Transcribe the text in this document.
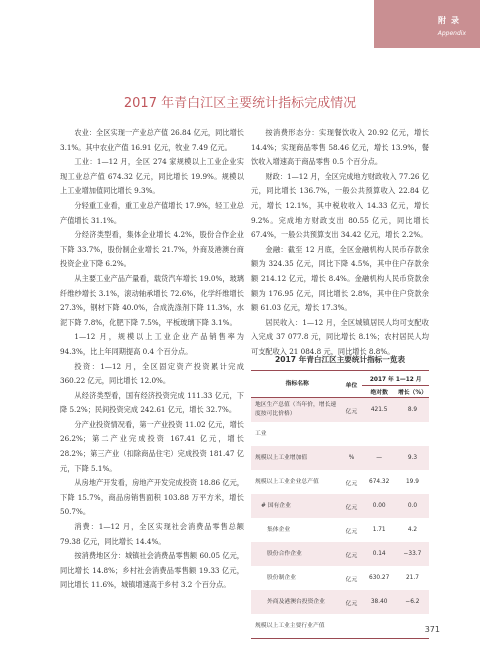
附录
Appendix
2017 年青白江区主要统计指标完成情况

农业：全区实现一产业总产值 26.84 亿元，同比增长 3.1%。其中农业产值 16.91 亿元，牧业 7.49 亿元。

工业：1—12 月，全区 274 家规模以上工业企业实现工业总产值 674.32 亿元，同比增长 19.9%。规模以上工业增加值同比增长 9.3%。

分轻重工业看，重工业总产值增长 17.9%，轻工业总产值增长 31.1%。

分经济类型看，集体企业增长 4.2%，股份合作企业下降 33.7%，股份制企业增长 21.7%，外商及港澳台商投资企业下降 6.2%。

从主要工业产品产量看，载货汽车增长 19.0%，玻璃纤维纱增长 3.1%，滚动轴承增长 72.6%，化学纤维增长 27.3%，钢材下降 40.0%，合成洗涤剂下降 11.3%，水泥下降 7.8%，化肥下降 7.5%，平板玻璃下降 3.1%。

1—12 月，规模以上工业企业产品销售率为 94.3%，比上年同期提高 0.4 个百分点。

投资：1—12 月，全区固定资产投资累计完成 360.22 亿元，同比增长 12.0%。

从经济类型看，国有经济投资完成 111.33 亿元，下降 5.2%；民间投资完成 242.61 亿元，增长 32.7%。

分产业投资情况看，第一产业投资 11.02 亿元，增长 26.2%；第二产业完成投资 167.41 亿元，增长 28.2%；第三产业（扣除商品住宅）完成投资 181.47 亿元，下降 5.1%。

从房地产开发看，房地产开发完成投资 18.86 亿元，下降 15.7%，商品房销售面积 103.88 万平方米，增长 50.7%。

消费：1—12 月，全区实现社会消费品零售总额 79.38 亿元，同比增长 14.4%。

按消费地区分：城镇社会消费品零售额 60.05 亿元，同比增长 14.8%；乡村社会消费品零售额 19.33 亿元，同比增长 11.6%，城镇增速高于乡村 3.2 个百分点。

按消费形态分：实现餐饮收入 20.92 亿元，增长 14.4%；实现商品零售 58.46 亿元，增长 13.9%，餐饮收入增速高于商品零售 0.5 个百分点。

财政：1—12 月，全区完成地方财政收入 77.26 亿元，同比增长 136.7%，一般公共预算收入 22.84 亿元，增长 12.1%，其中税收收入 14.33 亿元，增长 9.2%。完成地方财政支出 80.55 亿元，同比增长 67.4%，一般公共预算支出 34.42 亿元，增长 2.2%。

金融：截至 12 月底，全区金融机构人民币存款余额为 324.35 亿元，同比下降 4.5%，其中住户存款余额 214.12 亿元，增长 8.4%。金融机构人民币贷款余额为 176.95 亿元，同比增长 2.8%，其中住户贷款余额 61.03 亿元，增长 17.3%。

居民收入：1—12 月，全区城镇居民人均可支配收入完成 37 077.8 元，同比增长 8.1%；农村居民人均可支配收入 21 084.8 元，同比增长 8.8%。

2017 年青白江区主要统计指标一览表
指标名称	单位	2017 年 1—12 月	
		绝对数	增长（%）
地区生产总值（当年价，增长速度按可比价格）	亿元	421.5	8.9
工业			
规模以上工业增加值	%	—	9.3
规模以上工业企业总产值	亿元	674.32	19.9
# 国有企业	亿元	0.00	0.0
集体企业	亿元	1.71	4.2
股份合作企业	亿元	0.14	−33.7
股份制企业	亿元	630.27	21.7
外商及港澳台投资企业	亿元	38.40	−6.2
规模以上工业主要行业产值				371
